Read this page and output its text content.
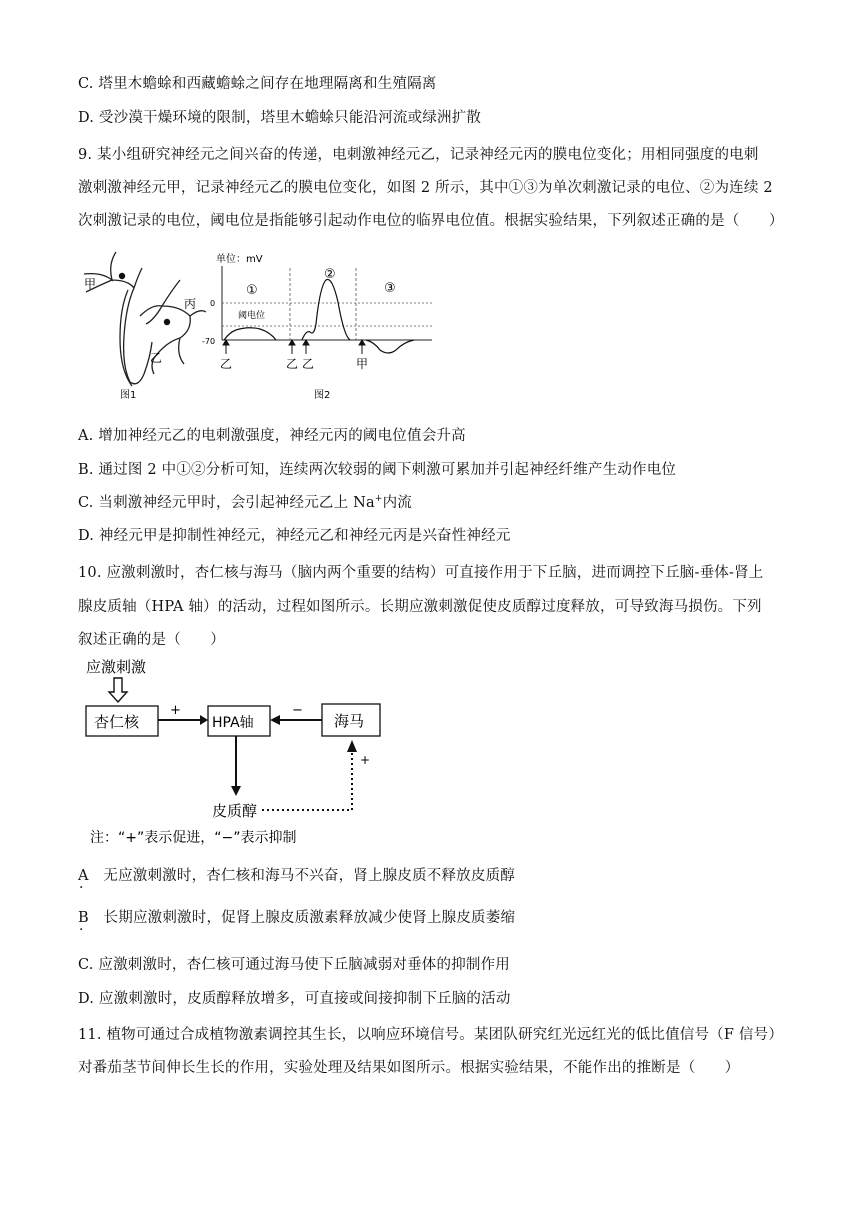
C. 塔里木蟾蜍和西藏蟾蜍之间存在地理隔离和生殖隔离
D. 受沙漠干燥环境的限制，塔里木蟾蜍只能沿河流或绿洲扩散
9. 某小组研究神经元之间兴奋的传递，电刺激神经元乙，记录神经元丙的膜电位变化；用相同强度的电刺
激刺激神经元甲，记录神经元乙的膜电位变化，如图 2 所示，其中①③为单次刺激记录的电位、②为连续 2
次刺激记录的电位，阈电位是指能够引起动作电位的临界电位值。根据实验结果，下列叙述正确的是（　　）
甲
丙
乙
图1
单位：mV
0
-70
阈电位
①
②
③
乙	乙 乙	甲
图2
A. 增加神经元乙的电刺激强度，神经元丙的阈电位值会升高
B. 通过图 2 中①②分析可知，连续两次较弱的阈下刺激可累加并引起神经纤维产生动作电位
C. 当刺激神经元甲时，会引起神经元乙上 Na+内流
D. 神经元甲是抑制性神经元，神经元乙和神经元丙是兴奋性神经元
10. 应激刺激时，杏仁核与海马（脑内两个重要的结构）可直接作用于下丘脑，进而调控下丘脑-垂体-肾上
腺皮质轴（HPA 轴）的活动，过程如图所示。长期应激刺激促使皮质醇过度释放，可导致海马损伤。下列
叙述正确的是（　　）
应激刺激
杏仁核	HPA轴	海马
+	−
皮质醇
+
注：“+”表示促进，“−”表示抑制
A　无应激刺激时，杏仁核和海马不兴奋，肾上腺皮质不释放皮质醇
·
B　长期应激刺激时，促肾上腺皮质激素释放减少使肾上腺皮质萎缩
·
C. 应激刺激时，杏仁核可通过海马使下丘脑减弱对垂体的抑制作用
D. 应激刺激时，皮质醇释放增多，可直接或间接抑制下丘脑的活动
11. 植物可通过合成植物激素调控其生长，以响应环境信号。某团队研究红光远红光的低比值信号（F 信号）
对番茄茎节间伸长生长的作用，实验处理及结果如图所示。根据实验结果，不能作出的推断是（　　）
